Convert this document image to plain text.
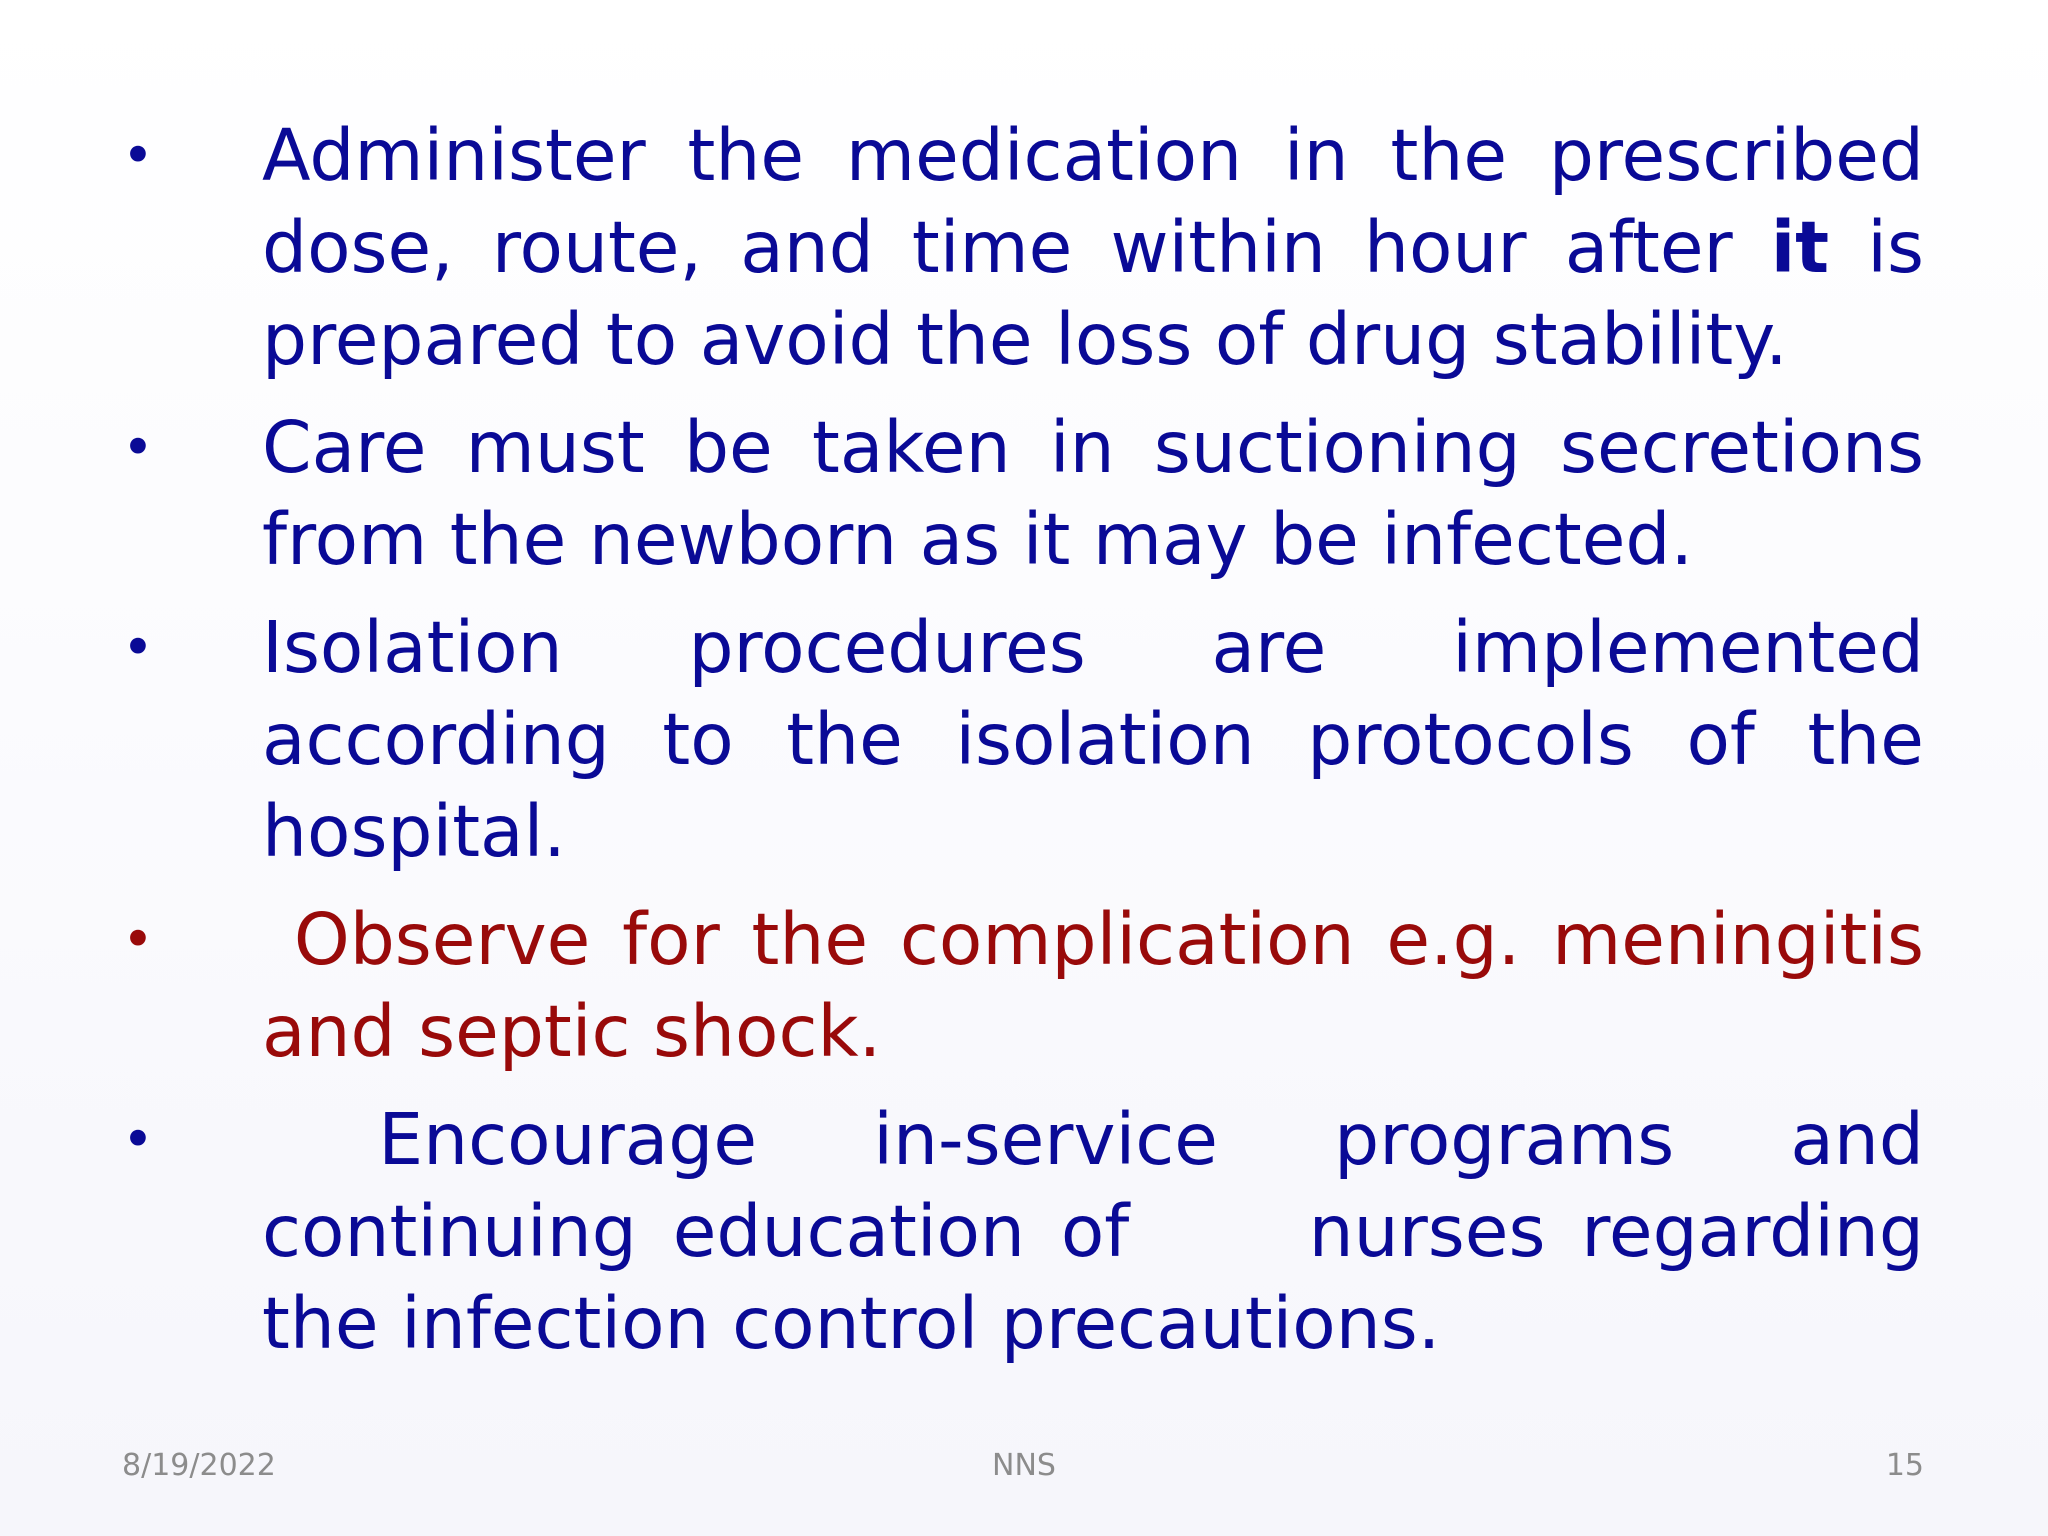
• Administer the medication in the prescribed dose, route, and time within hour after it is prepared to avoid the loss of drug stability.
• Care must be taken in suctioning secretions from the newborn as it may be infected.
• Isolation procedures are implemented according to the isolation protocols of the hospital.
• Observe for the complication e.g. meningitis and septic shock.
• Encourage in-service programs and continuing education of     nurses regarding the infection control precautions.
8/19/2022	NNS	15
